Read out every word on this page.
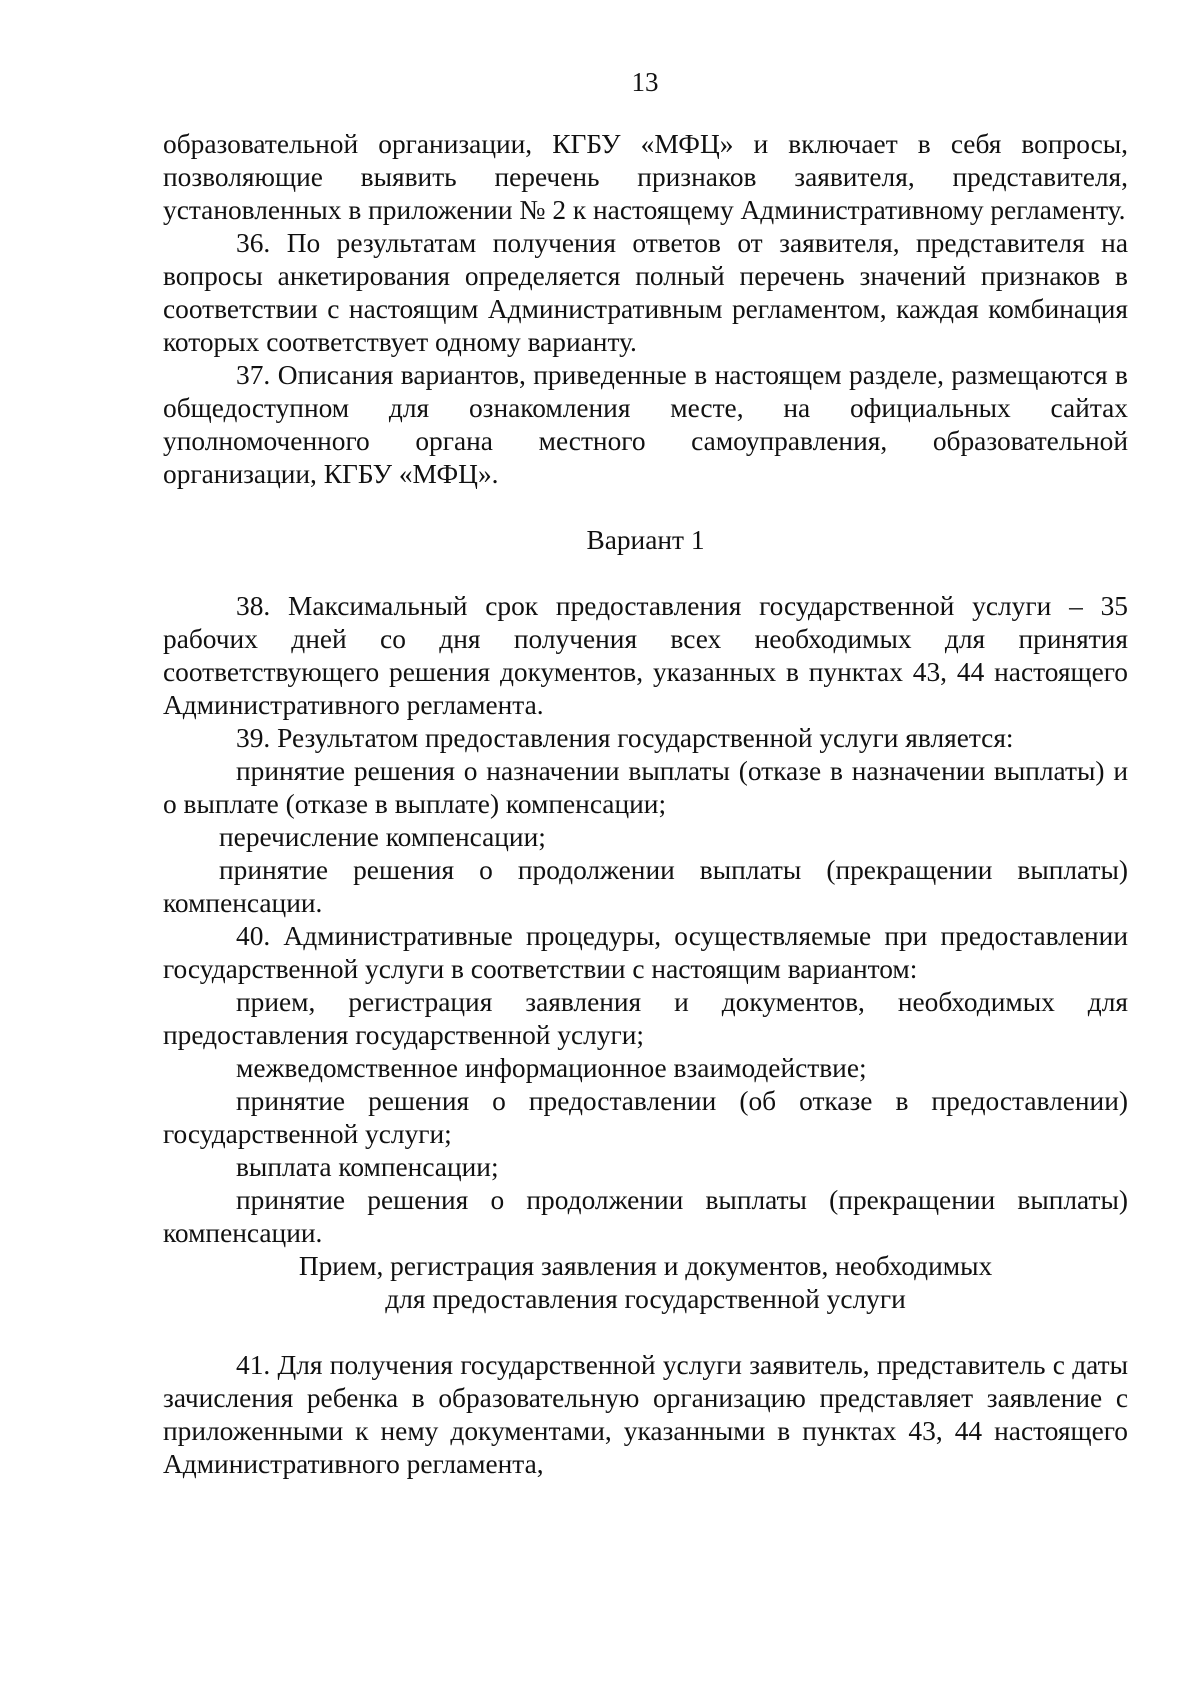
13

образовательной организации, КГБУ «МФЦ» и включает в себя вопросы, позволяющие выявить перечень признаков заявителя, представителя, установленных в приложении № 2 к настоящему Административному регламенту.

36. По результатам получения ответов от заявителя, представителя на вопросы анкетирования определяется полный перечень значений признаков в соответствии с настоящим Административным регламентом, каждая комбинация которых соответствует одному варианту.

37. Описания вариантов, приведенные в настоящем разделе, размещаются в общедоступном для ознакомления месте, на официальных сайтах уполномоченного органа местного самоуправления, образовательной организации, КГБУ «МФЦ».

Вариант 1

38. Максимальный срок предоставления государственной услуги – 35 рабочих дней со дня получения всех необходимых для принятия соответствующего решения документов, указанных в пунктах 43, 44 настоящего Административного регламента.

39. Результатом предоставления государственной услуги является:

принятие решения о назначении выплаты (отказе в назначении выплаты) и о выплате (отказе в выплате) компенсации;

перечисление компенсации;

принятие решения о продолжении выплаты (прекращении выплаты) компенсации.

40. Административные процедуры, осуществляемые при предоставлении государственной услуги в соответствии с настоящим вариантом:

прием, регистрация заявления и документов, необходимых для предоставления государственной услуги;

межведомственное информационное взаимодействие;

принятие решения о предоставлении (об отказе в предоставлении) государственной услуги;

выплата компенсации;

принятие решения о продолжении выплаты (прекращении выплаты) компенсации.

Прием, регистрация заявления и документов, необходимых

для предоставления государственной услуги

41. Для получения государственной услуги заявитель, представитель с даты зачисления ребенка в образовательную организацию представляет заявление с приложенными к нему документами, указанными в пунктах 43, 44 настоящего Административного регламента,
